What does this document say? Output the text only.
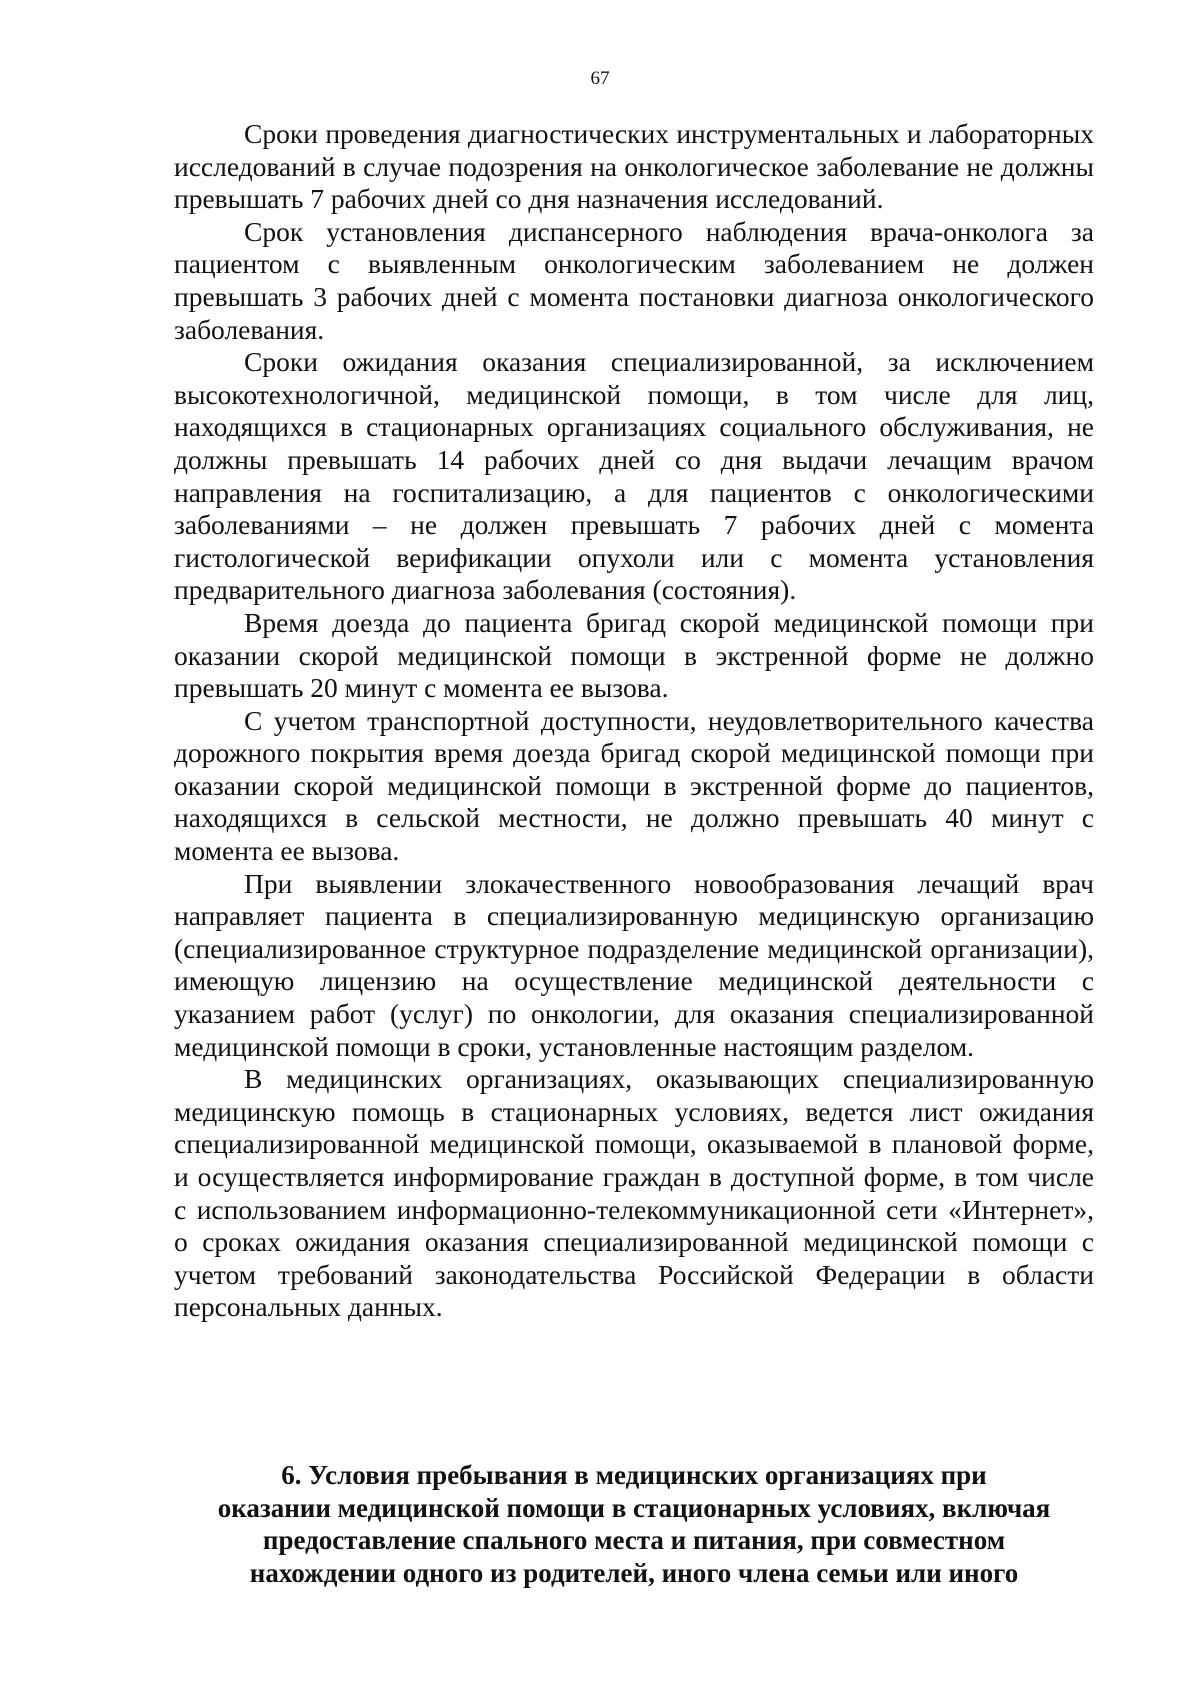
67

Сроки проведения диагностических инструментальных и лабораторных исследований в случае подозрения на онкологическое заболевание не должны превышать 7 рабочих дней со дня назначения исследований.

Срок установления диспансерного наблюдения врача-онколога за пациентом с выявленным онкологическим заболеванием не должен превышать 3 рабочих дней с момента постановки диагноза онкологического заболевания.

Сроки ожидания оказания специализированной, за исключением высокотехнологичной, медицинской помощи, в том числе для лиц, находящихся в стационарных организациях социального обслуживания, не должны превышать 14 рабочих дней со дня выдачи лечащим врачом направления на госпитализацию, а для пациентов с онкологическими заболеваниями – не должен превышать 7 рабочих дней с момента гистологической верификации опухоли или с момента установления предварительного диагноза заболевания (состояния).

Время доезда до пациента бригад скорой медицинской помощи при оказании скорой медицинской помощи в экстренной форме не должно превышать 20 минут с момента ее вызова.

С учетом транспортной доступности, неудовлетворительного качества дорожного покрытия время доезда бригад скорой медицинской помощи при оказании скорой медицинской помощи в экстренной форме до пациентов, находящихся в сельской местности, не должно превышать 40 минут с момента ее вызова.

При выявлении злокачественного новообразования лечащий врач направляет пациента в специализированную медицинскую организацию (специализированное структурное подразделение медицинской организации), имеющую лицензию на осуществление медицинской деятельности с указанием работ (услуг) по онкологии, для оказания специализированной медицинской помощи в сроки, установленные настоящим разделом.

В медицинских организациях, оказывающих специализированную медицинскую помощь в стационарных условиях, ведется лист ожидания специализированной медицинской помощи, оказываемой в плановой форме, и осуществляется информирование граждан в доступной форме, в том числе с использованием информационно-телекоммуникационной сети «Интернет», о сроках ожидания оказания специализированной медицинской помощи с учетом требований законодательства Российской Федерации в области персональных данных.

6. Условия пребывания в медицинских организациях при
оказании медицинской помощи в стационарных условиях, включая
предоставление спального места и питания, при совместном
нахождении одного из родителей, иного члена семьи или иного
